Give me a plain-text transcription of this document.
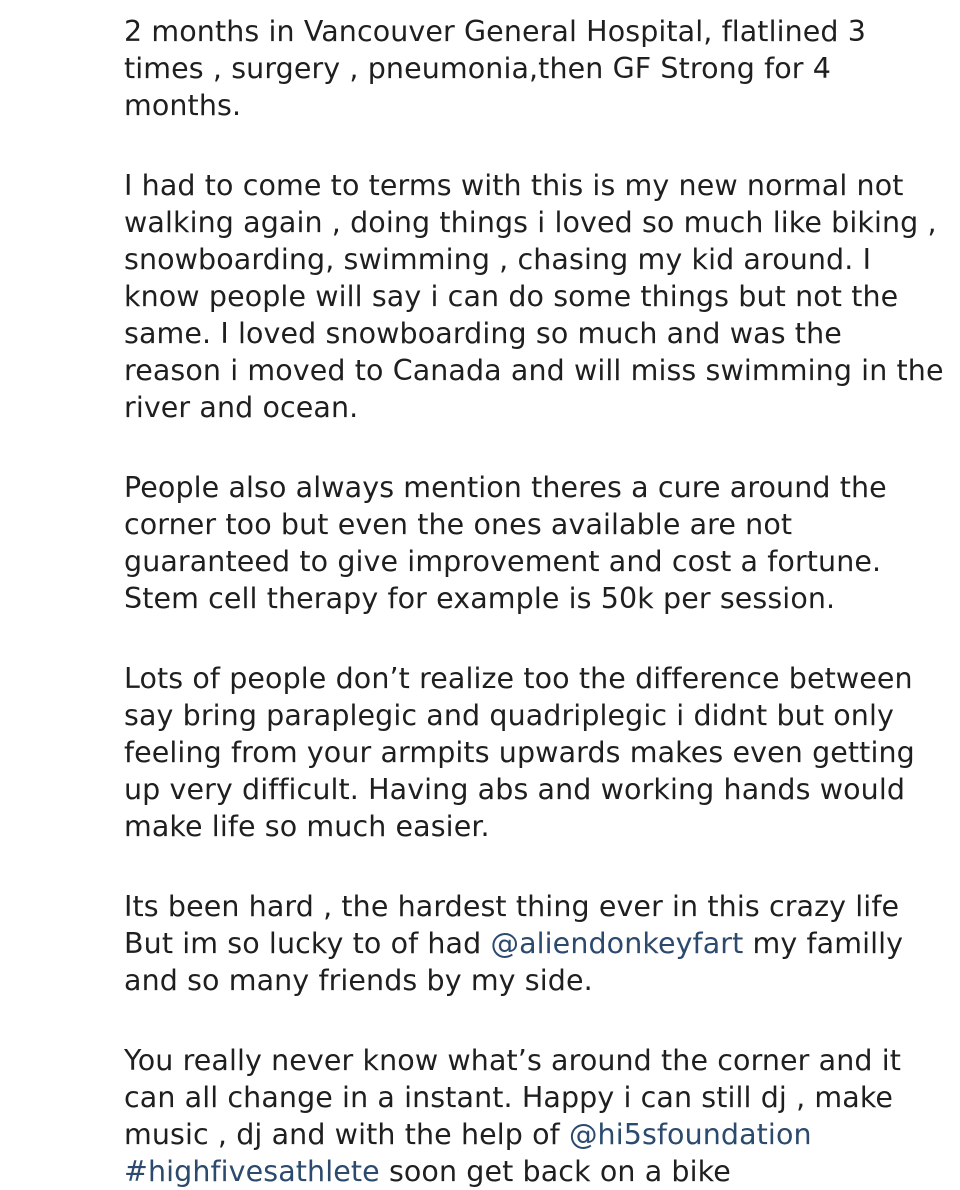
2 months in Vancouver General Hospital, flatlined 3 times , surgery , pneumonia,then GF Strong for 4 months.

I had to come to terms with this is my new normal not walking again , doing things i loved so much like biking , snowboarding, swimming , chasing my kid around. I know people will say i can do some things but not the same. I loved snowboarding so much and was the reason i moved to Canada and will miss swimming in the river and ocean.

People also always mention theres a cure around the corner too but even the ones available are not guaranteed to give improvement and cost a fortune. Stem cell therapy for example is 50k per session.

Lots of people don’t realize too the difference between say bring paraplegic and quadriplegic i didnt but only feeling from your armpits upwards makes even getting up very difficult. Having abs and working hands would make life so much easier.

Its been hard , the hardest thing ever in this crazy life But im so lucky to of had @aliendonkeyfart my familly and so many friends by my side.

You really never know what’s around the corner and it can all change in a instant. Happy i can still dj , make music , dj and with the help of @hi5sfoundation #highfivesathlete soon get back on a bike
